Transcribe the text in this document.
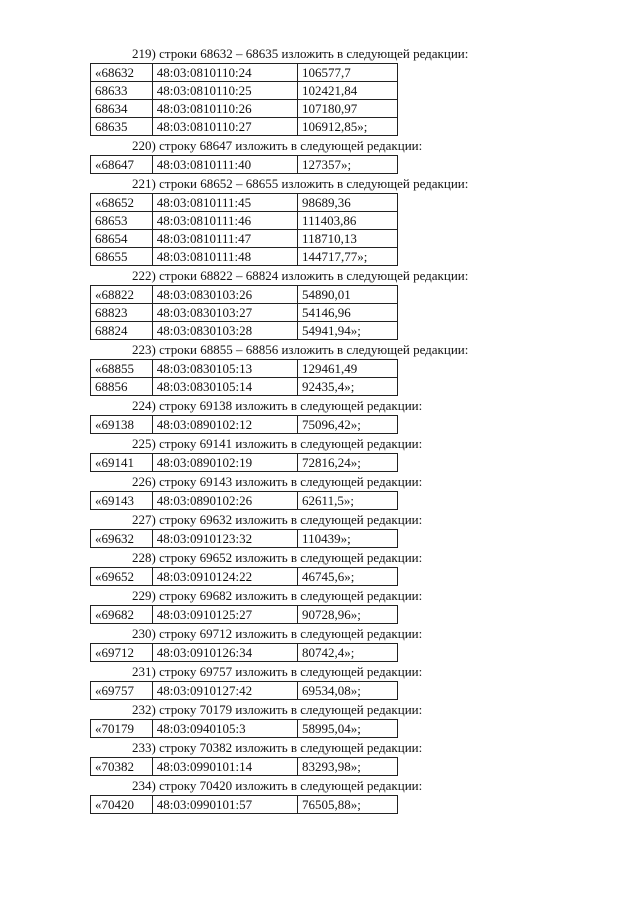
219) строки 68632 – 68635 изложить в следующей редакции:
«68632	48:03:0810110:24	106577,7
68633	48:03:0810110:25	102421,84
68634	48:03:0810110:26	107180,97
68635	48:03:0810110:27	106912,85»;
220) строку 68647 изложить в следующей редакции:
«68647	48:03:0810111:40	127357»;
221) строки 68652 – 68655 изложить в следующей редакции:
«68652	48:03:0810111:45	98689,36
68653	48:03:0810111:46	111403,86
68654	48:03:0810111:47	118710,13
68655	48:03:0810111:48	144717,77»;
222) строки 68822 – 68824 изложить в следующей редакции:
«68822	48:03:0830103:26	54890,01
68823	48:03:0830103:27	54146,96
68824	48:03:0830103:28	54941,94»;
223) строки 68855 – 68856 изложить в следующей редакции:
«68855	48:03:0830105:13	129461,49
68856	48:03:0830105:14	92435,4»;
224) строку 69138 изложить в следующей редакции:
«69138	48:03:0890102:12	75096,42»;
225) строку 69141 изложить в следующей редакции:
«69141	48:03:0890102:19	72816,24»;
226) строку 69143 изложить в следующей редакции:
«69143	48:03:0890102:26	62611,5»;
227) строку 69632 изложить в следующей редакции:
«69632	48:03:0910123:32	110439»;
228) строку 69652 изложить в следующей редакции:
«69652	48:03:0910124:22	46745,6»;
229) строку 69682 изложить в следующей редакции:
«69682	48:03:0910125:27	90728,96»;
230) строку 69712 изложить в следующей редакции:
«69712	48:03:0910126:34	80742,4»;
231) строку 69757 изложить в следующей редакции:
«69757	48:03:0910127:42	69534,08»;
232) строку 70179 изложить в следующей редакции:
«70179	48:03:0940105:3	58995,04»;
233) строку 70382 изложить в следующей редакции:
«70382	48:03:0990101:14	83293,98»;
234) строку 70420 изложить в следующей редакции:
«70420	48:03:0990101:57	76505,88»;
